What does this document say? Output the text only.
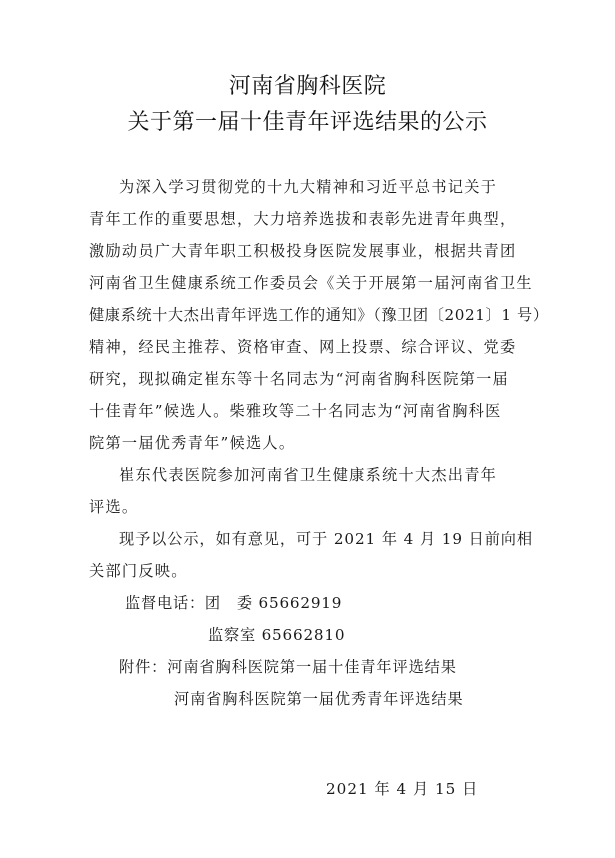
河南省胸科医院
关于第一届十佳青年评选结果的公示
为深入学习贯彻党的十九大精神和习近平总书记关于
青年工作的重要思想，大力培养选拔和表彰先进青年典型，
激励动员广大青年职工积极投身医院发展事业，根据共青团
河南省卫生健康系统工作委员会《关于开展第一届河南省卫生
健康系统十大杰出青年评选工作的通知》（豫卫团〔2021〕1 号）
精神，经民主推荐、资格审查、网上投票、综合评议、党委
研究，现拟确定崔东等十名同志为“河南省胸科医院第一届
十佳青年”候选人。柴雅玫等二十名同志为“河南省胸科医
院第一届优秀青年”候选人。
崔东代表医院参加河南省卫生健康系统十大杰出青年
评选。
现予以公示，如有意见，可于 2021 年 4 月 19 日前向相
关部门反映。
监督电话：团　委 65662919
监察室 65662810
附件：河南省胸科医院第一届十佳青年评选结果
河南省胸科医院第一届优秀青年评选结果
2021 年 4 月 15 日
